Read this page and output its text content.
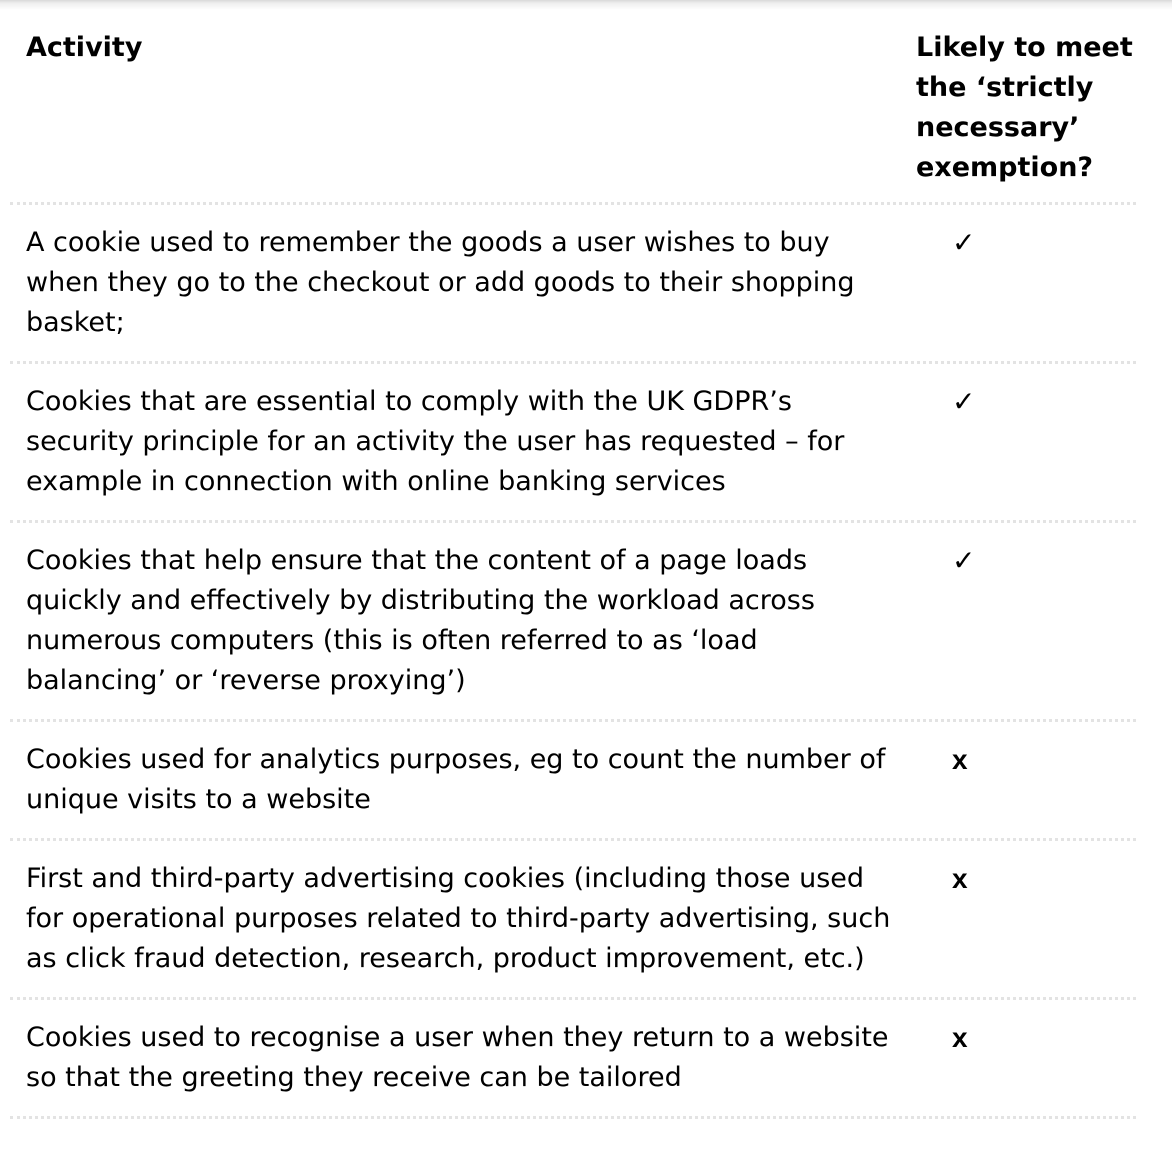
Activity	Likely to meet the ‘strictly necessary’ exemption?
A cookie used to remember the goods a user wishes to buy when they go to the checkout or add goods to their shopping basket;
✓
Cookies that are essential to comply with the UK GDPR’s security principle for an activity the user has requested – for example in connection with online banking services
✓
Cookies that help ensure that the content of a page loads quickly and effectively by distributing the workload across numerous computers (this is often referred to as ‘load balancing’ or ‘reverse proxying’)
✓
Cookies used for analytics purposes, eg to count the number of unique visits to a website
x
First and third-party advertising cookies (including those used for operational purposes related to third-party advertising, such as click fraud detection, research, product improvement, etc.)
x
Cookies used to recognise a user when they return to a website so that the greeting they receive can be tailored
x
